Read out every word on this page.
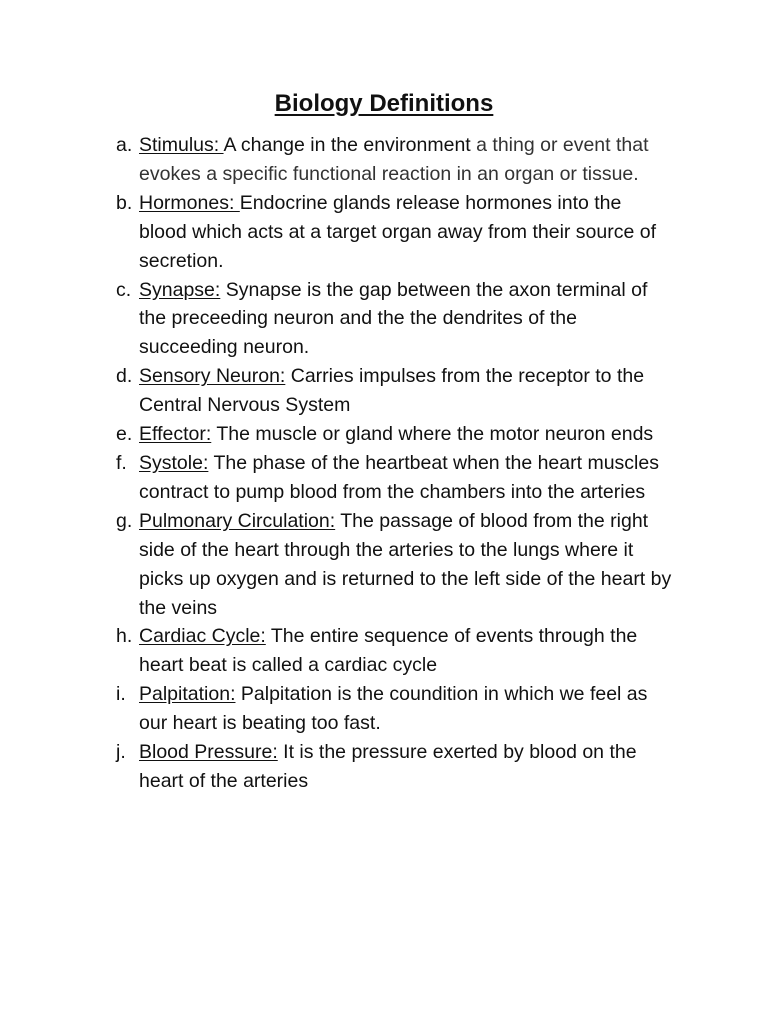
Biology Definitions
a. Stimulus: A change in the environment a thing or event that evokes a specific functional reaction in an organ or tissue.
b. Hormones: Endocrine glands release hormones into the blood which acts at a target organ away from their source of secretion.
c. Synapse: Synapse is the gap between the axon terminal of the preceeding neuron and the the dendrites of the succeeding neuron.
d. Sensory Neuron: Carries impulses from the receptor to the Central Nervous System
e. Effector: The muscle or gland where the motor neuron ends
f. Systole: The phase of the heartbeat when the heart muscles contract to pump blood from the chambers into the arteries
g. Pulmonary Circulation: The passage of blood from the right side of the heart through the arteries to the lungs where it picks up oxygen and is returned to the left side of the heart by the veins
h. Cardiac Cycle: The entire sequence of events through the heart beat is called a cardiac cycle
i. Palpitation: Palpitation is the coundition in which we feel as our heart is beating too fast.
j. Blood Pressure: It is the pressure exerted by blood on the heart of the arteries
